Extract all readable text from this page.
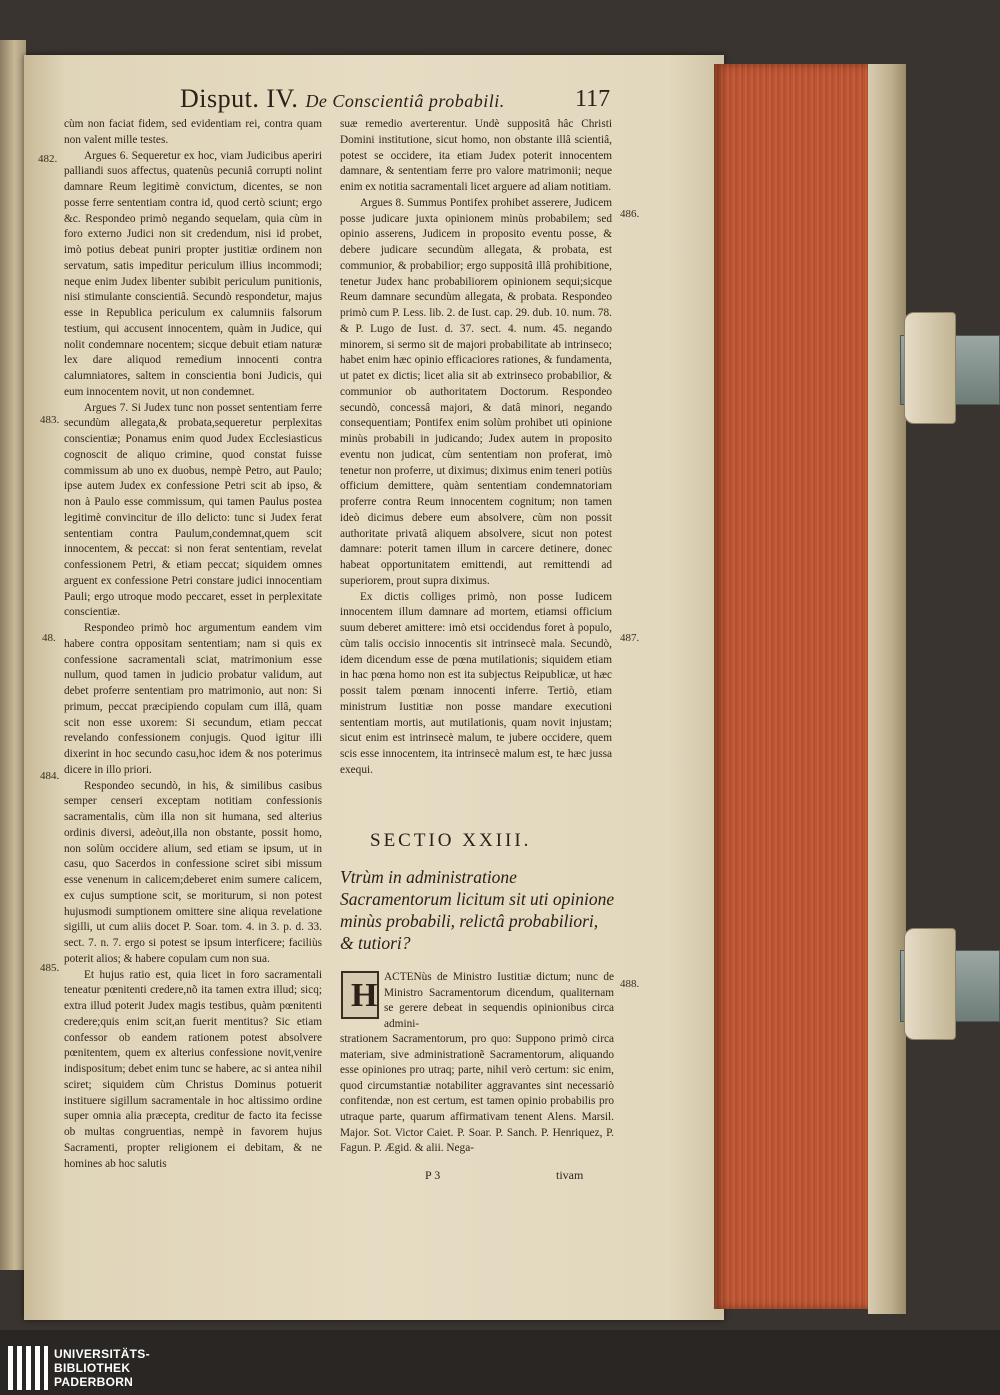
Disput. IV. De Conscientiâ probabili.	117
482.
483.
48.
484.
485.
486.
487.
488.

cùm non faciat fidem, sed evidentiam rei, contra quam non valent mille testes.

Argues 6. Sequeretur ex hoc, viam Judicibus aperiri palliandi suos affectus, quatenùs pecuniâ corrupti nolint damnare Reum legitimè convictum, dicentes, se non posse ferre sententiam contra id, quod certò sciunt; ergo &c. Respondeo primò negando sequelam, quia cùm in foro externo Judici non sit credendum, nisi id probet, imò potius debeat puniri propter justitiæ ordinem non servatum, satis impeditur periculum illius incommodi; neque enim Judex libenter subibit periculum punitionis, nisi stimulante conscientiâ. Secundò respondetur, majus esse in Republica periculum ex calumniis falsorum testium, qui accusent innocentem, quàm in Judice, qui nolit condemnare nocentem; sicque debuit etiam naturæ lex dare aliquod remedium innocenti contra calumniatores, saltem in conscientia boni Judicis, qui eum innocentem novit, ut non condemnet.

Argues 7. Si Judex tunc non posset sententiam ferre secundùm allegata,& probata,sequeretur perplexitas conscientiæ; Ponamus enim quod Judex Ecclesiasticus cognoscit de aliquo crimine, quod constat fuisse commissum ab uno ex duobus, nempè Petro, aut Paulo; ipse autem Judex ex confessione Petri scit ab ipso, & non à Paulo esse commissum, qui tamen Paulus postea legitimè convincitur de illo delicto: tunc si Judex ferat sententiam contra Paulum,condemnat,quem scit innocentem, & peccat: si non ferat sententiam, revelat confessionem Petri, & etiam peccat; siquidem omnes arguent ex confessione Petri constare judici innocentiam Pauli; ergo utroque modo peccaret, esset in perplexitate conscientiæ.

Respondeo primò hoc argumentum eandem vim habere contra oppositam sententiam; nam si quis ex confessione sacramentali sciat, matrimonium esse nullum, quod tamen in judicio probatur validum, aut debet proferre sententiam pro matrimonio, aut non: Si primum, peccat præcipiendo copulam cum illâ, quam scit non esse uxorem: Si secundum, etiam peccat revelando confessionem conjugis. Quod igitur illi dixerint in hoc secundo casu,hoc idem & nos poterimus dicere in illo priori.

Respondeo secundò, in his, & similibus casibus semper censeri exceptam notitiam confessionis sacramentalis, cùm illa non sit humana, sed alterius ordinis diversi, adeòut,illa non obstante, possit homo, non solùm occidere alium, sed etiam se ipsum, ut in casu, quo Sacerdos in confessione sciret sibi missum esse venenum in calicem;deberet enim sumere calicem, ex cujus sumptione scit, se moriturum, si non potest hujusmodi sumptionem omittere sine aliqua revelatione sigilli, ut cum aliis docet P. Soar. tom. 4. in 3. p. d. 33. sect. 7. n. 7. ergo si potest se ipsum interficere; faciliùs poterit alios; & habere copulam cum non sua.

Et hujus ratio est, quia licet in foro sacramentali teneatur pœnitenti credere,nõ ita tamen extra illud; sicq; extra illud poterit Judex magis testibus, quàm pœnitenti credere;quis enim scit,an fuerit mentitus? Sic etiam confessor ob eandem rationem potest absolvere pœnitentem, quem ex alterius confessione novit,venire indispositum; debet enim tunc se habere, ac si antea nihil sciret; siquidem cùm Christus Dominus potuerit instituere sigillum sacramentale in hoc altissimo ordine super omnia alia præcepta, creditur de facto ita fecisse ob multas congruentias, nempè in favorem hujus Sacramenti, propter religionem ei debitam, & ne homines ab hoc salutis

suæ remedio averterentur. Undè suppositâ hâc Christi Domini institutione, sicut homo, non obstante illâ scientiâ, potest se occidere, ita etiam Judex poterit innocentem damnare, & sententiam ferre pro valore matrimonii; neque enim ex notitia sacramentali licet arguere ad aliam notitiam.

Argues 8. Summus Pontifex prohibet asserere, Judicem posse judicare juxta opinionem minùs probabilem; sed opinio asserens, Judicem in proposito eventu posse, & debere judicare secundùm allegata, & probata, est communior, & probabilior; ergo suppositâ illâ prohibitione, tenetur Judex hanc probabiliorem opinionem sequi;sicque Reum damnare secundùm allegata, & probata. Respondeo primò cum P. Less. lib. 2. de Iust. cap. 29. dub. 10. num. 78. & P. Lugo de Iust. d. 37. sect. 4. num. 45. negando minorem, si sermo sit de majori probabilitate ab intrinseco; habet enim hæc opinio efficaciores rationes, & fundamenta, ut patet ex dictis; licet alia sit ab extrinseco probabilior, & communior ob authoritatem Doctorum. Respondeo secundò, concessâ majori, & datâ minori, negando consequentiam; Pontifex enim solùm prohibet uti opinione minùs probabili in judicando; Judex autem in proposito eventu non judicat, cùm sententiam non proferat, imò tenetur non proferre, ut diximus; diximus enim teneri potiùs officium demittere, quàm sententiam condemnatoriam proferre contra Reum innocentem cognitum; non tamen ideò dicimus debere eum absolvere, cùm non possit authoritate privatâ aliquem absolvere, sicut non potest damnare: poterit tamen illum in carcere detinere, donec habeat opportunitatem emittendi, aut remittendi ad superiorem, prout supra diximus.

Ex dictis colliges primò, non posse Iudicem innocentem illum damnare ad mortem, etiamsi officium suum deberet amittere: imò etsi occidendus foret à populo, cùm talis occisio innocentis sit intrinsecè mala. Secundò, idem dicendum esse de pœna mutilationis; siquidem etiam in hac pœna homo non est ita subjectus Reipublicæ, ut hæc possit talem pœnam innocenti inferre. Tertiò, etiam ministrum Iustitiæ non posse mandare executioni sententiam mortis, aut mutilationis, quam novit injustam; sicut enim est intrinsecè malum, te jubere occidere, quem scis esse innocentem, ita intrinsecè malum est, te hæc jussa exequi.

SECTIO XXIII.
Vtrùm in administratione Sacramentorum licitum sit uti opinione minùs probabili, relictâ probabiliori, & tutiori?
H ACTENùs de Ministro Iustitiæ dictum; nunc de Ministro Sacramentorum dicendum, qualiternam se gerere debeat in sequendis opinionibus circa admini-
strationem Sacramentorum, pro quo: Suppono primò circa materiam, sive administrationẽ Sacramentorum, aliquando esse opiniones pro utraq; parte, nihil verò certum: sic enim, quod circumstantiæ notabiliter aggravantes sint necessariò confitendæ, non est certum, est tamen opinio probabilis pro utraque parte, quarum affirmativam tenent Alens. Marsil. Major. Sot. Victor Caiet. P. Soar. P. Sanch. P. Henriquez, P. Fagun. P. Ægid. & alii. Nega-
P 3	tivam
UNIVERSITÄTS-
BIBLIOTHEK
PADERBORN
